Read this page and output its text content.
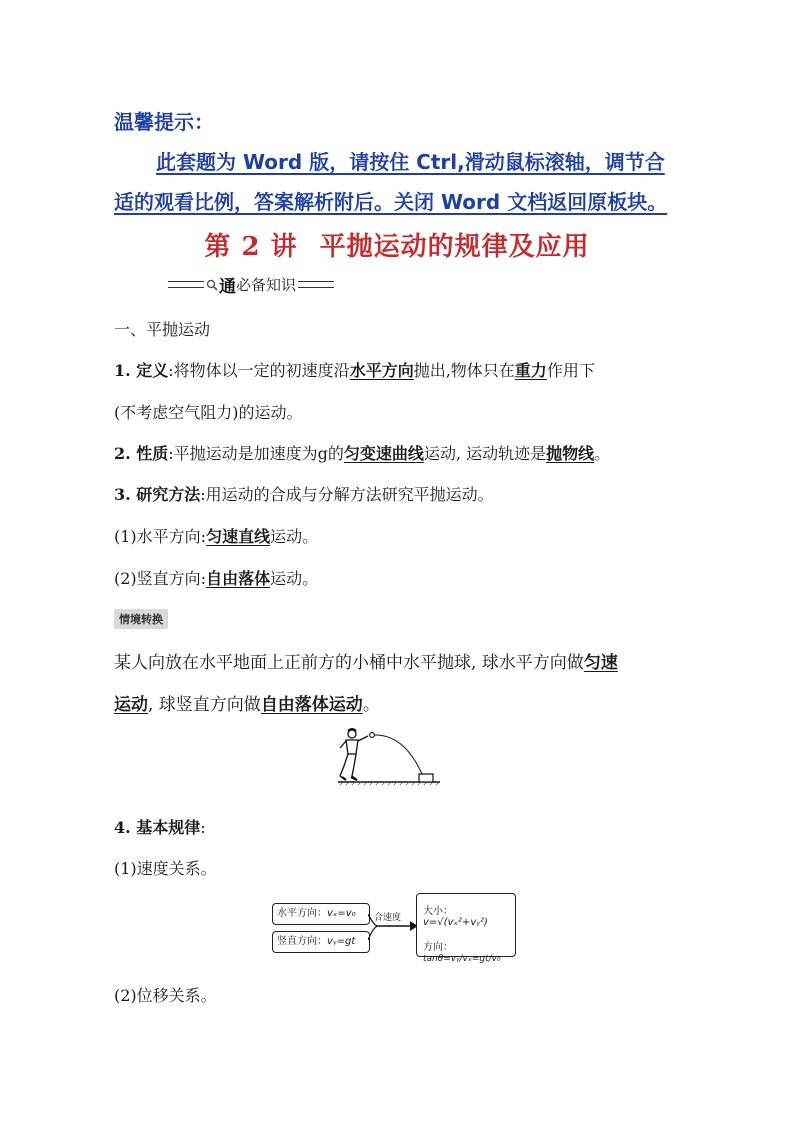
温馨提示：
此套题为 Word 版，请按住 Ctrl,滑动鼠标滚轴，调节合
适的观看比例，答案解析附后。关闭 Word 文档返回原板块。
第 2 讲 平抛运动的规律及应用
通 必备知识
一、平抛运动
1. 定义:将物体以一定的初速度沿水平方向抛出,物体只在重力作用下
(不考虑空气阻力)的运动。
2. 性质:平抛运动是加速度为g的匀变速曲线运动, 运动轨迹是抛物线。
3. 研究方法:用运动的合成与分解方法研究平抛运动。
(1)水平方向:匀速直线运动。
(2)竖直方向:自由落体运动。
情境转换
某人向放在水平地面上正前方的小桶中水平抛球, 球水平方向做匀速
运动, 球竖直方向做自由落体运动。
4. 基本规律:
(1)速度关系。
水平方向：vₓ=v₀
竖直方向：vᵧ=gt
合速度
大小：v=√(vₓ²+vᵧ²)
方向：tanθ=vᵧ/vₓ=gt/v₀
(2)位移关系。
